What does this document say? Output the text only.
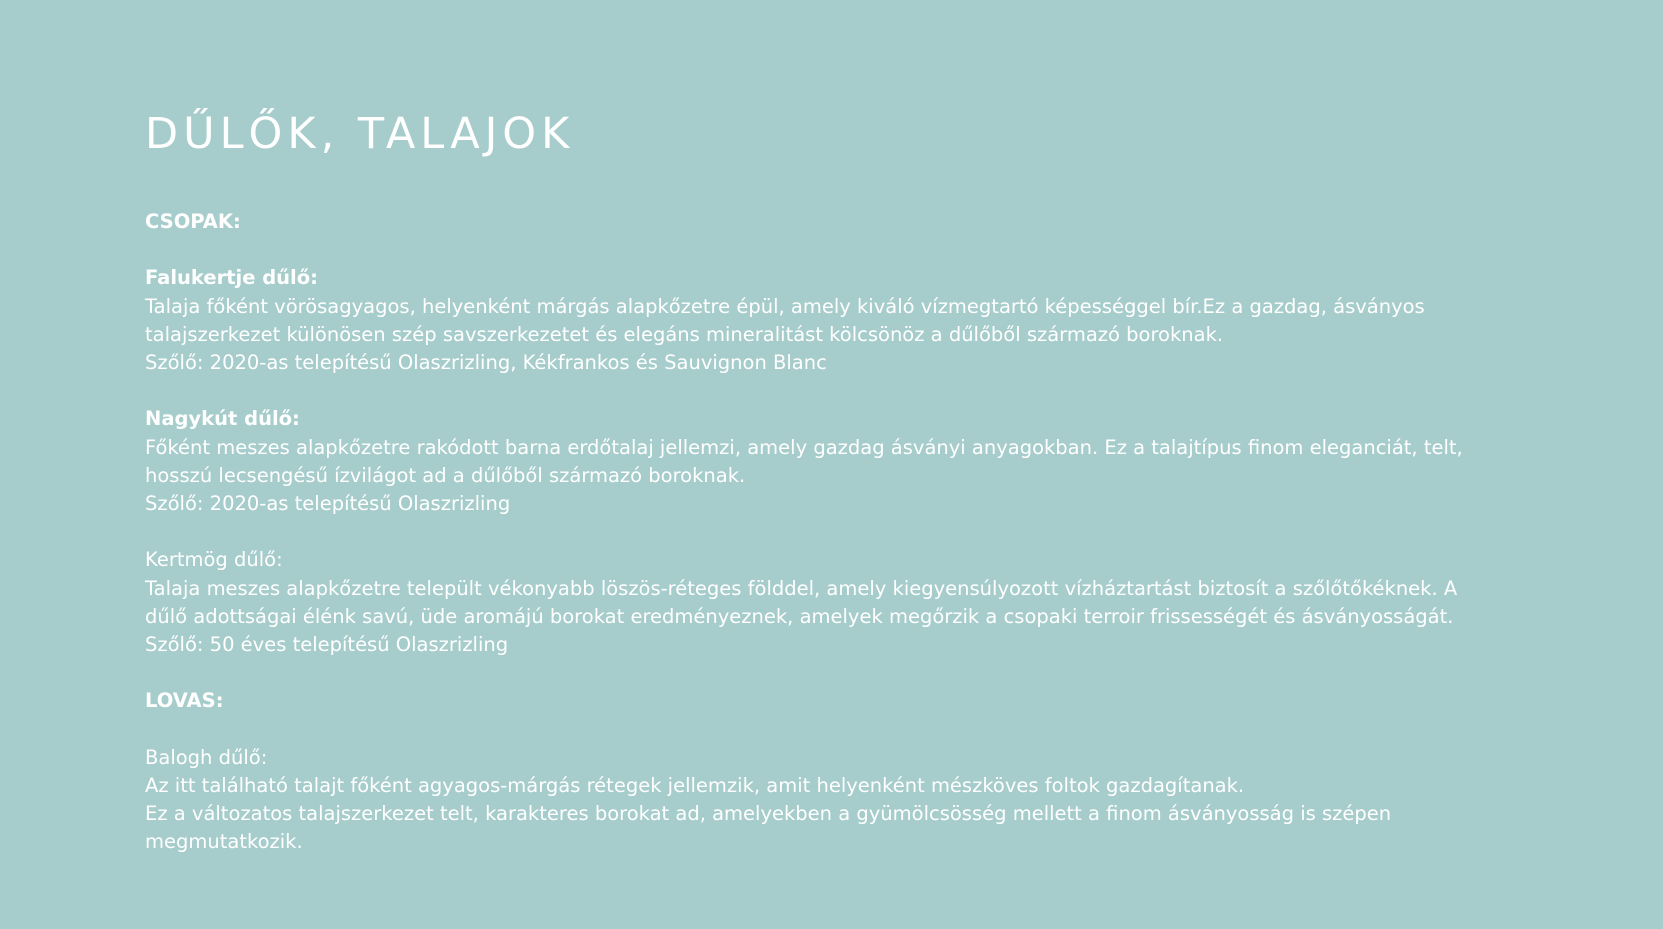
DŰLŐK, TALAJOK
CSOPAK:
Falukertje dűlő:
Talaja főként vörösagyagos, helyenként márgás alapkőzetre épül, amely kiváló vízmegtartó képességgel bír.Ez a gazdag, ásványos
talajszerkezet különösen szép savszerkezetet és elegáns mineralitást kölcsönöz a dűlőből származó boroknak.
Szőlő: 2020-as telepítésű Olaszrizling, Kékfrankos és Sauvignon Blanc
Nagykút dűlő:
Főként meszes alapkőzetre rakódott barna erdőtalaj jellemzi, amely gazdag ásványi anyagokban. Ez a talajtípus finom eleganciát, telt,
hosszú lecsengésű ízvilágot ad a dűlőből származó boroknak.
Szőlő: 2020-as telepítésű Olaszrizling
Kertmög dűlő:
Talaja meszes alapkőzetre települt vékonyabb löszös-réteges földdel, amely kiegyensúlyozott vízháztartást biztosít a szőlőtőkéknek. A
dűlő adottságai élénk savú, üde aromájú borokat eredményeznek, amelyek megőrzik a csopaki terroir frissességét és ásványosságát.
Szőlő: 50 éves telepítésű Olaszrizling
LOVAS:
Balogh dűlő:
Az itt található talajt főként agyagos-márgás rétegek jellemzik, amit helyenként mészköves foltok gazdagítanak.
Ez a változatos talajszerkezet telt, karakteres borokat ad, amelyekben a gyümölcsösség mellett a finom ásványosság is szépen
megmutatkozik.
